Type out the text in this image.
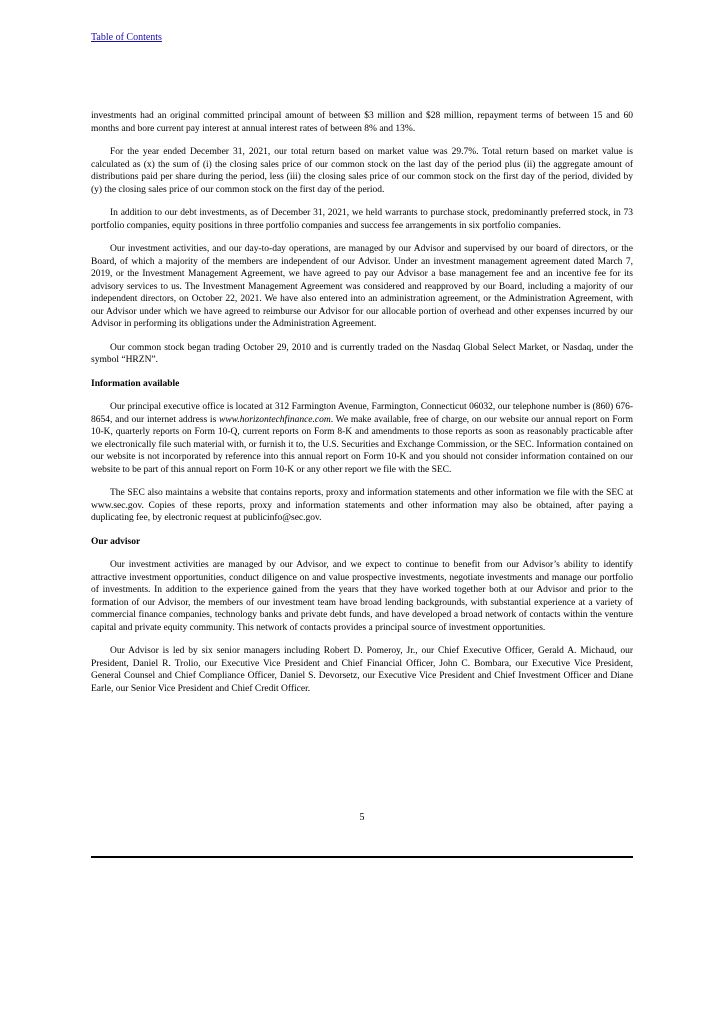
Table of Contents

investments had an original committed principal amount of between $3 million and $28 million, repayment terms of between 15 and 60 months and bore current pay interest at annual interest rates of between 8% and 13%.

For the year ended December 31, 2021, our total return based on market value was 29.7%. Total return based on market value is calculated as (x) the sum of (i) the closing sales price of our common stock on the last day of the period plus (ii) the aggregate amount of distributions paid per share during the period, less (iii) the closing sales price of our common stock on the first day of the period, divided by (y) the closing sales price of our common stock on the first day of the period.

In addition to our debt investments, as of December 31, 2021, we held warrants to purchase stock, predominantly preferred stock, in 73 portfolio companies, equity positions in three portfolio companies and success fee arrangements in six portfolio companies.

Our investment activities, and our day-to-day operations, are managed by our Advisor and supervised by our board of directors, or the Board, of which a majority of the members are independent of our Advisor. Under an investment management agreement dated March 7, 2019, or the Investment Management Agreement, we have agreed to pay our Advisor a base management fee and an incentive fee for its advisory services to us. The Investment Management Agreement was considered and reapproved by our Board, including a majority of our independent directors, on October 22, 2021. We have also entered into an administration agreement, or the Administration Agreement, with our Advisor under which we have agreed to reimburse our Advisor for our allocable portion of overhead and other expenses incurred by our Advisor in performing its obligations under the Administration Agreement.

Our common stock began trading October 29, 2010 and is currently traded on the Nasdaq Global Select Market, or Nasdaq, under the symbol “HRZN”.

Information available

Our principal executive office is located at 312 Farmington Avenue, Farmington, Connecticut 06032, our telephone number is (860) 676-8654, and our internet address is www.horizontechfinance.com. We make available, free of charge, on our website our annual report on Form 10-K, quarterly reports on Form 10-Q, current reports on Form 8-K and amendments to those reports as soon as reasonably practicable after we electronically file such material with, or furnish it to, the U.S. Securities and Exchange Commission, or the SEC. Information contained on our website is not incorporated by reference into this annual report on Form 10-K and you should not consider information contained on our website to be part of this annual report on Form 10-K or any other report we file with the SEC.

The SEC also maintains a website that contains reports, proxy and information statements and other information we file with the SEC at www.sec.gov. Copies of these reports, proxy and information statements and other information may also be obtained, after paying a duplicating fee, by electronic request at publicinfo@sec.gov.

Our advisor

Our investment activities are managed by our Advisor, and we expect to continue to benefit from our Advisor’s ability to identify attractive investment opportunities, conduct diligence on and value prospective investments, negotiate investments and manage our portfolio of investments. In addition to the experience gained from the years that they have worked together both at our Advisor and prior to the formation of our Advisor, the members of our investment team have broad lending backgrounds, with substantial experience at a variety of commercial finance companies, technology banks and private debt funds, and have developed a broad network of contacts within the venture capital and private equity community. This network of contacts provides a principal source of investment opportunities.

Our Advisor is led by six senior managers including Robert D. Pomeroy, Jr., our Chief Executive Officer, Gerald A. Michaud, our President, Daniel R. Trolio, our Executive Vice President and Chief Financial Officer, John C. Bombara, our Executive Vice President, General Counsel and Chief Compliance Officer, Daniel S. Devorsetz, our Executive Vice President and Chief Investment Officer and Diane Earle, our Senior Vice President and Chief Credit Officer.

5
